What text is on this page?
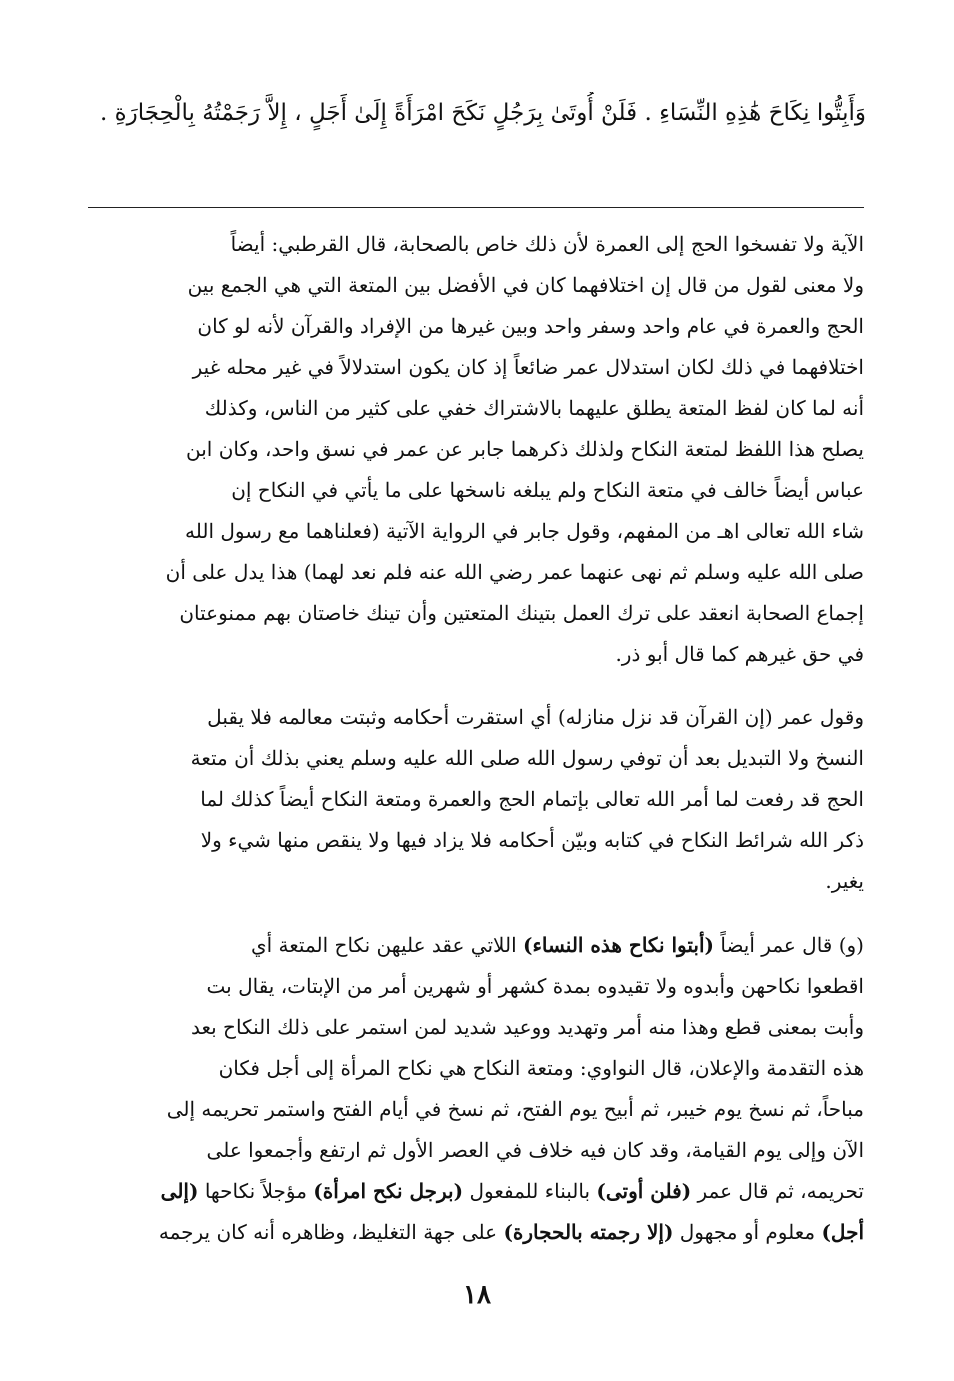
وَأَبِتُّوا نِكَاحَ هَٰذِهِ النِّسَاءِ . فَلَنْ أُوتَىٰ بِرَجُلٍ نَكَحَ امْرَأَةً إِلَىٰ أَجَلٍ ، إِلاَّ رَجَمْتُهُ بِالْحِجَارَةِ .
الآية ولا تفسخوا الحج إلى العمرة لأن ذلك خاص بالصحابة، قال القرطبي: أيضاً
ولا معنى لقول من قال إن اختلافهما كان في الأفضل بين المتعة التي هي الجمع بين
الحج والعمرة في عام واحد وسفر واحد وبين غيرها من الإفراد والقرآن لأنه لو كان
اختلافهما في ذلك لكان استدلال عمر ضائعاً إذ كان يكون استدلالاً في غير محله غير
أنه لما كان لفظ المتعة يطلق عليهما بالاشتراك خفي على كثير من الناس، وكذلك
يصلح هذا اللفظ لمتعة النكاح ولذلك ذكرهما جابر عن عمر في نسق واحد، وكان ابن
عباس أيضاً خالف في متعة النكاح ولم يبلغه ناسخها على ما يأتي في النكاح إن
شاء الله تعالى اهـ من المفهم، وقول جابر في الرواية الآتية (فعلناهما مع رسول الله
صلى الله عليه وسلم ثم نهى عنهما عمر رضي الله عنه فلم نعد لهما) هذا يدل على أن
إجماع الصحابة انعقد على ترك العمل بتينك المتعتين وأن تينك خاصتان بهم ممنوعتان
في حق غيرهم كما قال أبو ذر.
وقول عمر (إن القرآن قد نزل منازله) أي استقرت أحكامه وثبتت معالمه فلا يقبل
النسخ ولا التبديل بعد أن توفي رسول الله صلى الله عليه وسلم يعني بذلك أن متعة
الحج قد رفعت لما أمر الله تعالى بإتمام الحج والعمرة ومتعة النكاح أيضاً كذلك لما
ذكر الله شرائط النكاح في كتابه وبيّن أحكامه فلا يزاد فيها ولا ينقص منها شيء ولا
يغير.
(و) قال عمر أيضاً (أبتوا نكاح هذه النساء) اللاتي عقد عليهن نكاح المتعة أي
اقطعوا نكاحهن وأبدوه ولا تقيدوه بمدة كشهر أو شهرين أمر من الإبتات، يقال بت
وأبت بمعنى قطع وهذا منه أمر وتهديد ووعيد شديد لمن استمر على ذلك النكاح بعد
هذه التقدمة والإعلان، قال النواوي: ومتعة النكاح هي نكاح المرأة إلى أجل فكان
مباحاً، ثم نسخ يوم خيبر، ثم أبيح يوم الفتح، ثم نسخ في أيام الفتح واستمر تحريمه إلى
الآن وإلى يوم القيامة، وقد كان فيه خلاف في العصر الأول ثم ارتفع وأجمعوا على
تحريمه، ثم قال عمر (فلن أوتى) بالبناء للمفعول (برجل نكح امرأة) مؤجلاً نكاحها (إلى
أجل) معلوم أو مجهول (إلا رجمته بالحجارة) على جهة التغليظ، وظاهره أنه كان يرجمه
١٨
